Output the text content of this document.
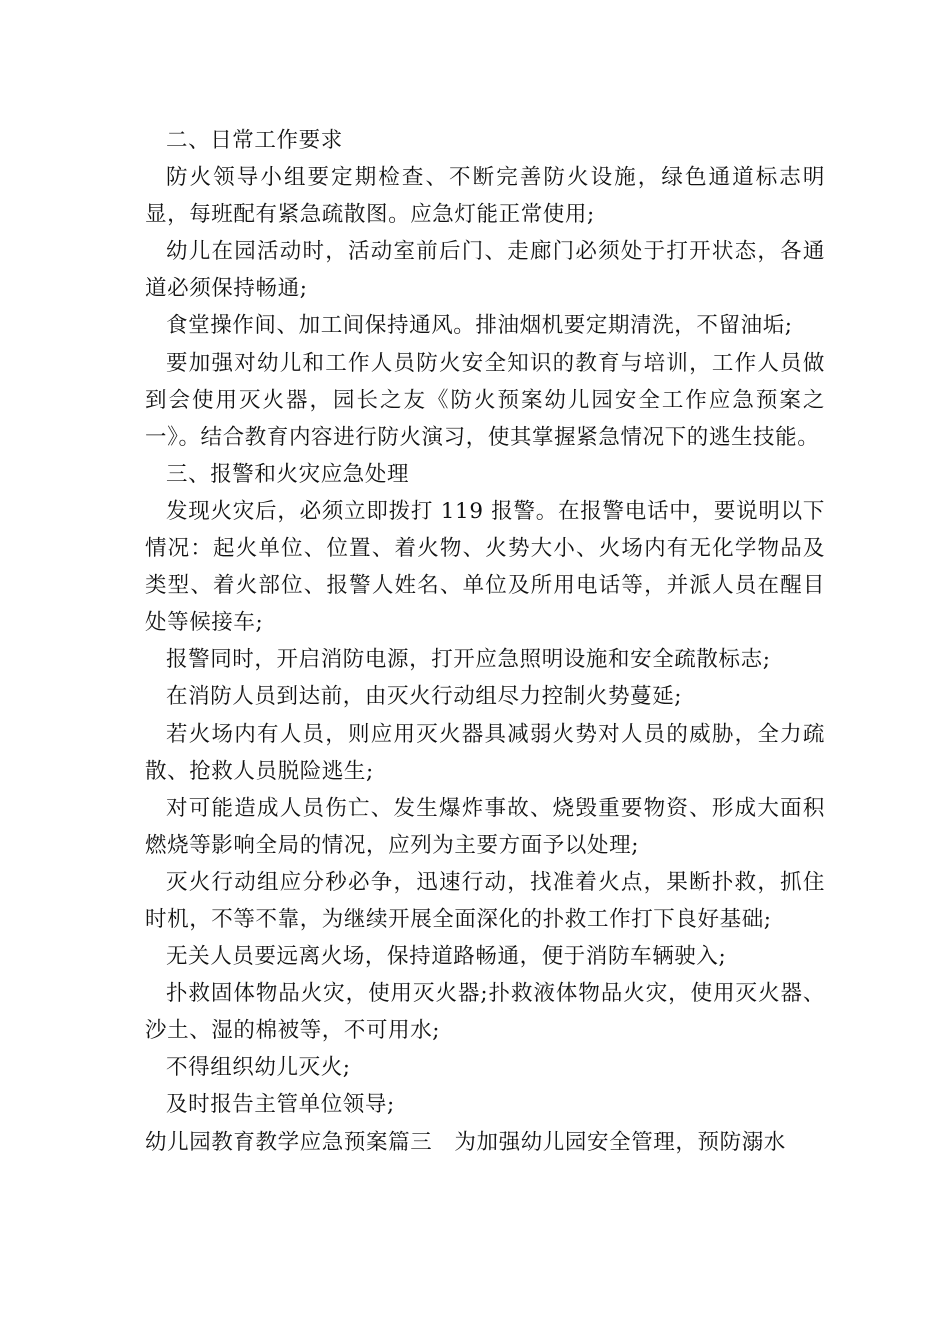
二、日常工作要求

防火领导小组要定期检查、不断完善防火设施，绿色通道标志明显，每班配有紧急疏散图。应急灯能正常使用;

幼儿在园活动时，活动室前后门、走廊门必须处于打开状态，各通道必须保持畅通;

食堂操作间、加工间保持通风。排油烟机要定期清洗，不留油垢;

要加强对幼儿和工作人员防火安全知识的教育与培训，工作人员做到会使用灭火器，园长之友《防火预案幼儿园安全工作应急预案之一》。结合教育内容进行防火演习，使其掌握紧急情况下的逃生技能。

三、报警和火灾应急处理

发现火灾后，必须立即拨打 119 报警。在报警电话中，要说明以下情况：起火单位、位置、着火物、火势大小、火场内有无化学物品及类型、着火部位、报警人姓名、单位及所用电话等，并派人员在醒目处等候接车;

报警同时，开启消防电源，打开应急照明设施和安全疏散标志;

在消防人员到达前，由灭火行动组尽力控制火势蔓延;

若火场内有人员，则应用灭火器具减弱火势对人员的威胁，全力疏散、抢救人员脱险逃生;

对可能造成人员伤亡、发生爆炸事故、烧毁重要物资、形成大面积燃烧等影响全局的情况，应列为主要方面予以处理;

灭火行动组应分秒必争，迅速行动，找准着火点，果断扑救，抓住时机，不等不靠，为继续开展全面深化的扑救工作打下良好基础;

无关人员要远离火场，保持道路畅通，便于消防车辆驶入;

扑救固体物品火灾，使用灭火器;扑救液体物品火灾，使用灭火器、沙土、湿的棉被等，不可用水;

不得组织幼儿灭火;

及时报告主管单位领导;

幼儿园教育教学应急预案篇三　为加强幼儿园安全管理，预防溺水
